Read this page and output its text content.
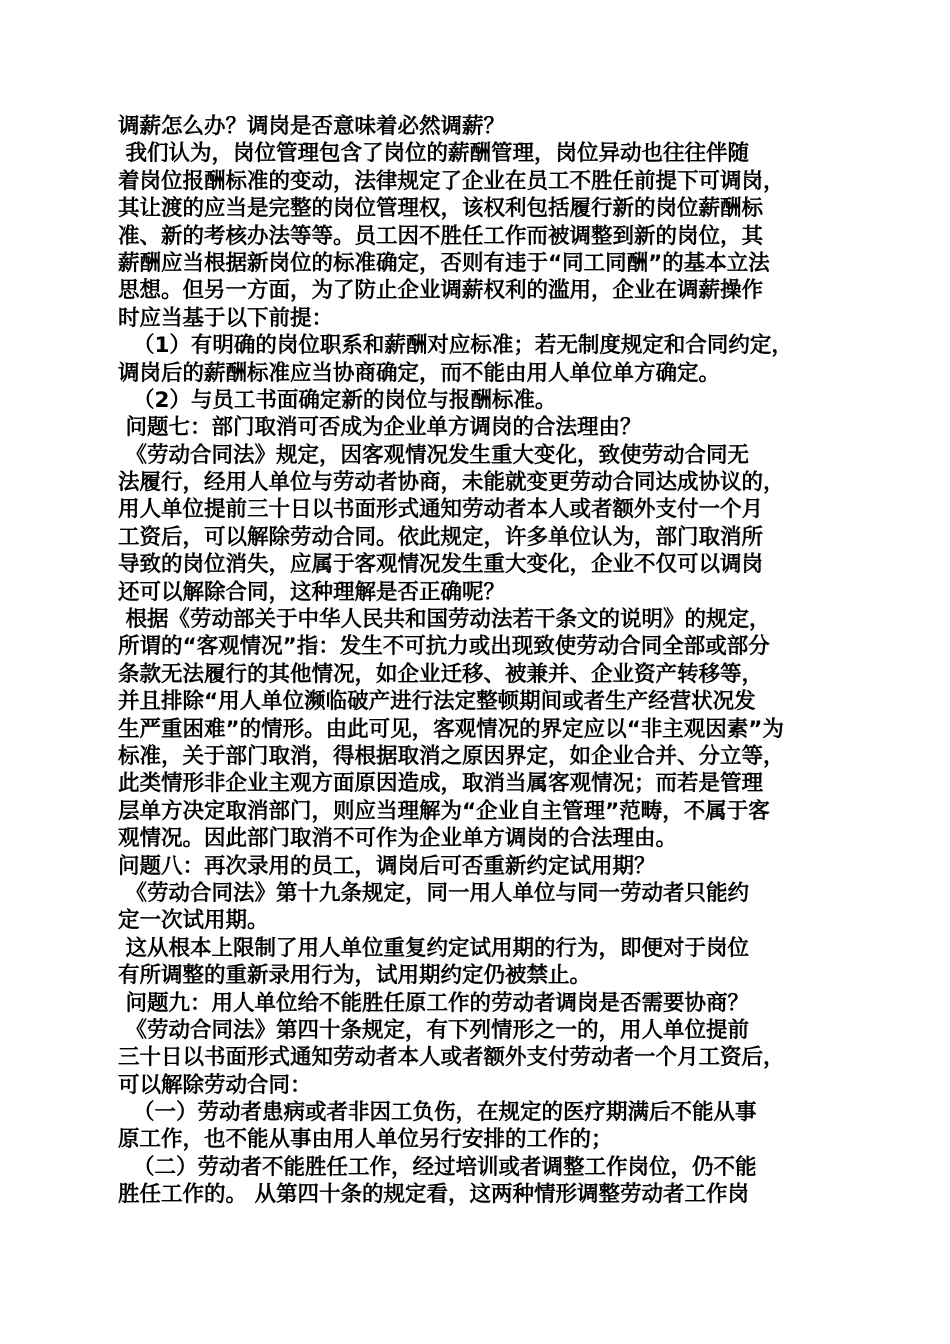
调薪怎么办？调岗是否意味着必然调薪？
我们认为，岗位管理包含了岗位的薪酬管理，岗位异动也往往伴随
着岗位报酬标准的变动，法律规定了企业在员工不胜任前提下可调岗，
其让渡的应当是完整的岗位管理权，该权利包括履行新的岗位薪酬标
准、新的考核办法等等。员工因不胜任工作而被调整到新的岗位，其
薪酬应当根据新岗位的标准确定，否则有违于“同工同酬”的基本立法
思想。但另一方面，为了防止企业调薪权利的滥用，企业在调薪操作
时应当基于以下前提：
（1）有明确的岗位职系和薪酬对应标准；若无制度规定和合同约定，
调岗后的薪酬标准应当协商确定，而不能由用人单位单方确定。
（2）与员工书面确定新的岗位与报酬标准。
问题七：部门取消可否成为企业单方调岗的合法理由？
《劳动合同法》规定，因客观情况发生重大变化，致使劳动合同无
法履行，经用人单位与劳动者协商，未能就变更劳动合同达成协议的，
用人单位提前三十日以书面形式通知劳动者本人或者额外支付一个月
工资后，可以解除劳动合同。依此规定，许多单位认为，部门取消所
导致的岗位消失，应属于客观情况发生重大变化，企业不仅可以调岗
还可以解除合同，这种理解是否正确呢？
根据《劳动部关于中华人民共和国劳动法若干条文的说明》的规定，
所谓的“客观情况”指：发生不可抗力或出现致使劳动合同全部或部分
条款无法履行的其他情况，如企业迁移、被兼并、企业资产转移等，
并且排除“用人单位濒临破产进行法定整顿期间或者生产经营状况发
生严重困难”的情形。由此可见，客观情况的界定应以“非主观因素”为
标准，关于部门取消，得根据取消之原因界定，如企业合并、分立等，
此类情形非企业主观方面原因造成，取消当属客观情况；而若是管理
层单方决定取消部门，则应当理解为“企业自主管理”范畴，不属于客
观情况。因此部门取消不可作为企业单方调岗的合法理由。
问题八：再次录用的员工，调岗后可否重新约定试用期？
《劳动合同法》第十九条规定，同一用人单位与同一劳动者只能约
定一次试用期。
这从根本上限制了用人单位重复约定试用期的行为，即便对于岗位
有所调整的重新录用行为，试用期约定仍被禁止。
问题九：用人单位给不能胜任原工作的劳动者调岗是否需要协商？
《劳动合同法》第四十条规定，有下列情形之一的，用人单位提前
三十日以书面形式通知劳动者本人或者额外支付劳动者一个月工资后，
可以解除劳动合同：
（一）劳动者患病或者非因工负伤，在规定的医疗期满后不能从事
原工作，也不能从事由用人单位另行安排的工作的；
（二）劳动者不能胜任工作，经过培训或者调整工作岗位，仍不能
胜任工作的。 从第四十条的规定看，这两种情形调整劳动者工作岗
